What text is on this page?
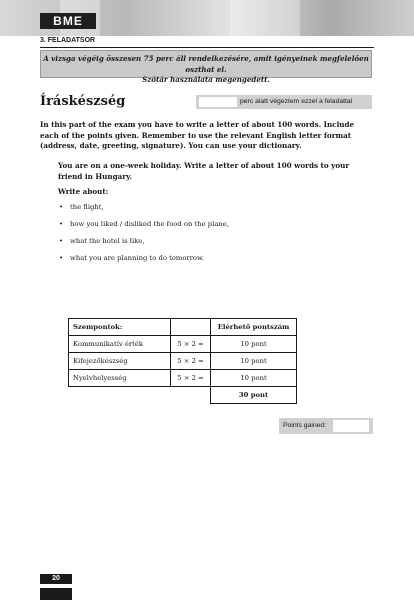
BME
3. FELADATSOR
A vizsga végéig összesen 75 perc áll rendelkezésére, amit igényeinek megfelelően oszthat el.
Szótár használata megengedett.
Íráskészség	perc alatt végeztem ezzel a feladattal
In this part of the exam you have to write a letter of about 100 words. Include each of the points given. Remember to use the relevant English letter format (address, date, greeting, signature). You can use your dictionary.
You are on a one-week holiday. Write a letter of about 100 words to your friend in Hungary.
Write about:
• the flight,
• how you liked / disliked the food on the plane,
• what the hotel is like,
• what you are planning to do tomorrow.
Szempontok:		Elérhető pontszám
Kommunikatív érték	5 × 2 =	10 pont
Kifejezőkészség	5 × 2 =	10 pont
Nyelvhelyesség	5 × 2 =	10 pont
		30 pont
Points gained:
20
